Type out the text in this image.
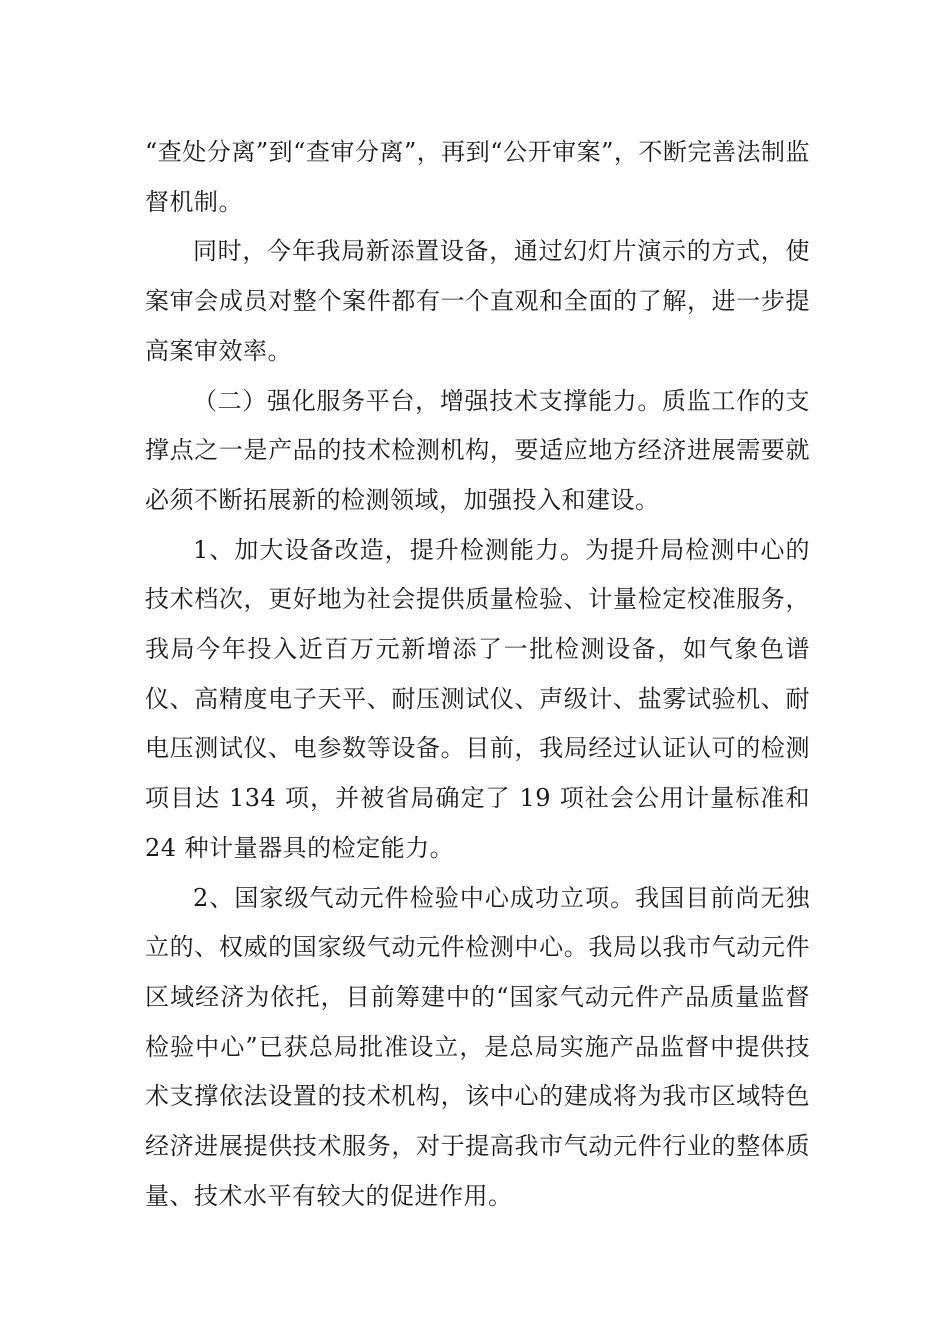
“查处分离”到“查审分离”，再到“公开审案”，不断完善法制监督机制。

同时，今年我局新添置设备，通过幻灯片演示的方式，使案审会成员对整个案件都有一个直观和全面的了解，进一步提高案审效率。

（二）强化服务平台，增强技术支撑能力。质监工作的支撑点之一是产品的技术检测机构，要适应地方经济进展需要就必须不断拓展新的检测领域，加强投入和建设。

1、加大设备改造，提升检测能力。为提升局检测中心的技术档次，更好地为社会提供质量检验、计量检定校准服务，我局今年投入近百万元新增添了一批检测设备，如气象色谱仪、高精度电子天平、耐压测试仪、声级计、盐雾试验机、耐电压测试仪、电参数等设备。目前，我局经过认证认可的检测项目达 134 项，并被省局确定了 19 项社会公用计量标准和 24 种计量器具的检定能力。

2、国家级气动元件检验中心成功立项。我国目前尚无独立的、权威的国家级气动元件检测中心。我局以我市气动元件区域经济为依托，目前筹建中的“国家气动元件产品质量监督检验中心”已获总局批准设立，是总局实施产品监督中提供技术支撑依法设置的技术机构，该中心的建成将为我市区域特色经济进展提供技术服务，对于提高我市气动元件行业的整体质量、技术水平有较大的促进作用。
